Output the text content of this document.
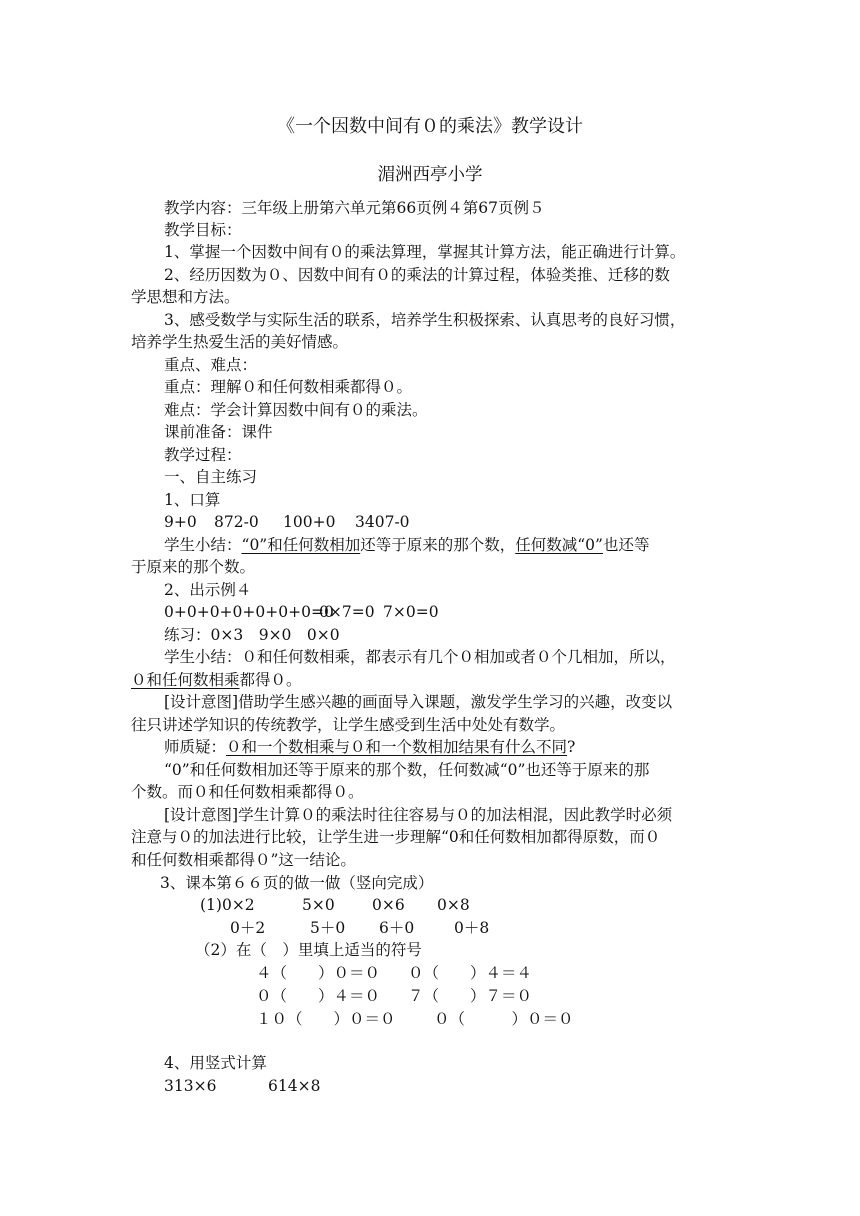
《一个因数中间有０的乘法》教学设计
湄洲西亭小学
教学内容：三年级上册第六单元第66页例４第67页例５
教学目标：
1、掌握一个因数中间有０的乘法算理，掌握其计算方法，能正确进行计算。
2、经历因数为０、因数中间有０的乘法的计算过程，体验类推、迁移的数
学思想和方法。
3、感受数学与实际生活的联系，培养学生积极探索、认真思考的良好习惯，
培养学生热爱生活的美好情感。
重点、难点：
重点：理解０和任何数相乘都得０。
难点：学会计算因数中间有０的乘法。
课前准备：课件
教学过程：
一、自主练习
1、口算
9+0 872-0 100+0 3407-0
学生小结：“0”和任何数相加还等于原来的那个数，任何数减“0”也还等
于原来的那个数。
2、出示例４
0+0+0+0+0+0+0=00×7=0 7×0=0
练习：0×3　9×0　0×0
学生小结：０和任何数相乘，都表示有几个０相加或者０个几相加，所以，
０和任何数相乘都得０。
[设计意图]借助学生感兴趣的画面导入课题，激发学生学习的兴趣，改变以
往只讲述学知识的传统教学，让学生感受到生活中处处有数学。
师质疑：０和一个数相乘与０和一个数相加结果有什么不同?
“0”和任何数相加还等于原来的那个数，任何数减“0”也还等于原来的那
个数。而０和任何数相乘都得０。
[设计意图]学生计算０的乘法时往往容易与０的加法相混，因此教学时必须
注意与０的加法进行比较，让学生进一步理解“0和任何数相加都得原数，而０
和任何数相乘都得０”这一结论。
3、课本第６６页的做一做（竖向完成）
(1)0×2	5×0 0×6 0×8
0＋2	5＋0 6＋0	0＋8
（2）在（　）里填上适当的符号
４（　　）０＝０ ０（　　）４＝４
０（　　）４＝０ ７（　　）７＝０
１０（　　）０＝０ ０（　　　）０＝０
4、用竖式计算
313×6	614×8
